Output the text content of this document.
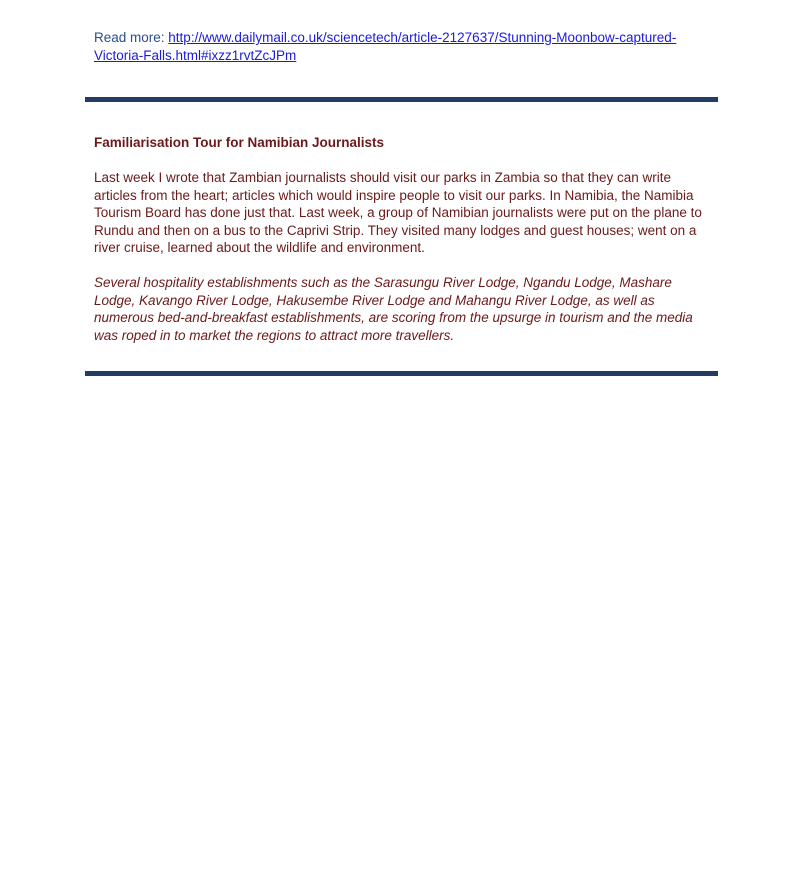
Read more: http://www.dailymail.co.uk/sciencetech/article-2127637/Stunning-Moonbow-captured-Victoria-Falls.html#ixzz1rvtZcJPm
Familiarisation Tour for Namibian Journalists

Last week I wrote that Zambian journalists should visit our parks in Zambia so that they can write articles from the heart; articles which would inspire people to visit our parks. In Namibia, the Namibia Tourism Board has done just that. Last week, a group of Namibian journalists were put on the plane to Rundu and then on a bus to the Caprivi Strip. They visited many lodges and guest houses; went on a river cruise, learned about the wildlife and environment.

Several hospitality establishments such as the Sarasungu River Lodge, Ngandu Lodge, Mashare Lodge, Kavango River Lodge, Hakusembe River Lodge and Mahangu River Lodge, as well as numerous bed-and-breakfast establishments, are scoring from the upsurge in tourism and the media was roped in to market the regions to attract more travellers.
